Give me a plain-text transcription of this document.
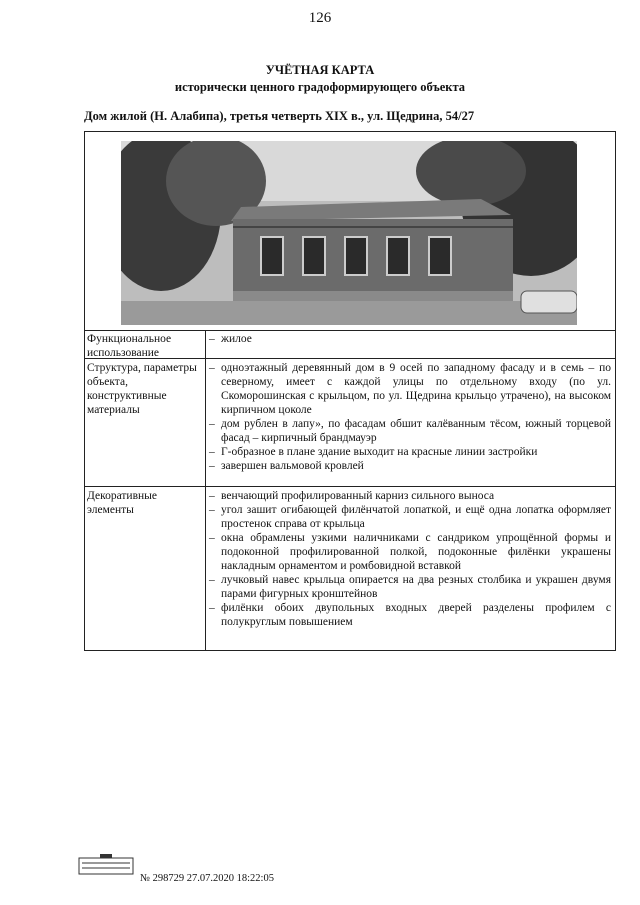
126
УЧЁТНАЯ КАРТА
исторически ценного градоформирующего объекта
Дом жилой (Н. Алабипа), третья четверть XIX в., ул. Щедрина, 54/27
Функциональное использование
– жилое
Структура, параметры объекта, конструктивные материалы
– одноэтажный деревянный дом в 9 осей по западному фасаду и в семь – по северному, имеет с каждой улицы по отдельному входу (по ул. Скоморошинская с крыльцом, по ул. Щедрина крыльцо утрачено), на высоком кирпичном цоколе
– дом рублен в лапу», по фасадам обшит калёванным тёсом, южный торцевой фасад – кирпичный брандмауэр
– Г-образное в плане здание выходит на красные линии застройки
– завершен вальмовой кровлей
Декоративные элементы
– венчающий профилированный карниз сильного выноса
– угол зашит огибающей филёнчатой лопаткой, и ещё одна лопатка оформляет простенок справа от крыльца
– окна обрамлены узкими наличниками с сандриком упрощённой формы и подоконной профилированной полкой, подоконные филёнки украшены накладным орнаментом и ромбовидной вставкой
– лучковый навес крыльца опирается на два резных столбика и украшен двумя парами фигурных кронштейнов
– филёнки обоих двупольных входных дверей разделены профилем с полукруглым повышением
№ 298729 27.07.2020 18:22:05
